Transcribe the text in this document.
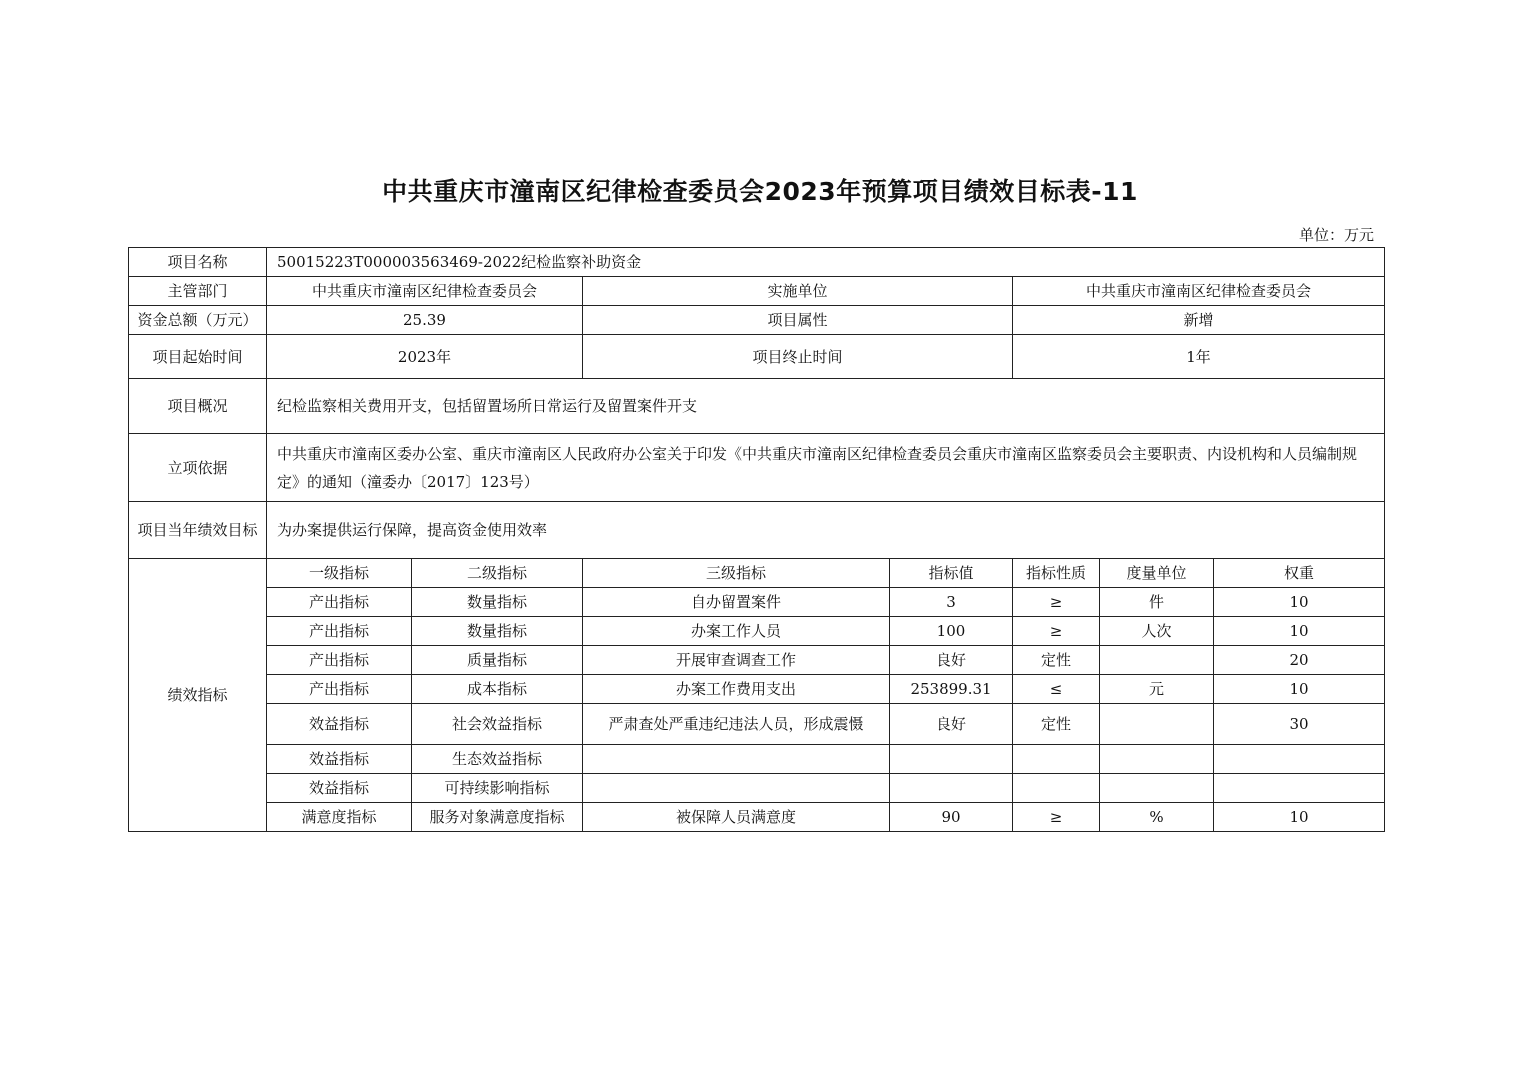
中共重庆市潼南区纪律检查委员会2023年预算项目绩效目标表-11
单位：万元
项目名称	50015223T000003563469-2022纪检监察补助资金						
主管部门	中共重庆市潼南区纪律检查委员会		实施单位		中共重庆市潼南区纪律检查委员会		
资金总额（万元）	25.39		项目属性		新增		
项目起始时间	2023年		项目终止时间		1年		
项目概况	纪检监察相关费用开支，包括留置场所日常运行及留置案件开支						
立项依据	中共重庆市潼南区委办公室、重庆市潼南区人民政府办公室关于印发《中共重庆市潼南区纪律检查委员会重庆市潼南区监察委员会主要职责、内设机构和人员编制规定》的通知（潼委办〔2017〕123号）						
项目当年绩效目标	为办案提供运行保障，提高资金使用效率						
绩效指标	一级指标	二级指标	三级指标	指标值	指标性质	度量单位	权重
	产出指标	数量指标	自办留置案件	3	≥	件	10
	产出指标	数量指标	办案工作人员	100	≥	人次	10
	产出指标	质量指标	开展审查调查工作	良好	定性		20
	产出指标	成本指标	办案工作费用支出	253899.31	≤	元	10
	效益指标	社会效益指标	严肃查处严重违纪违法人员，形成震慑	良好	定性		30
	效益指标	生态效益指标					
	效益指标	可持续影响指标					
	满意度指标	服务对象满意度指标	被保障人员满意度	90	≥	%	10
